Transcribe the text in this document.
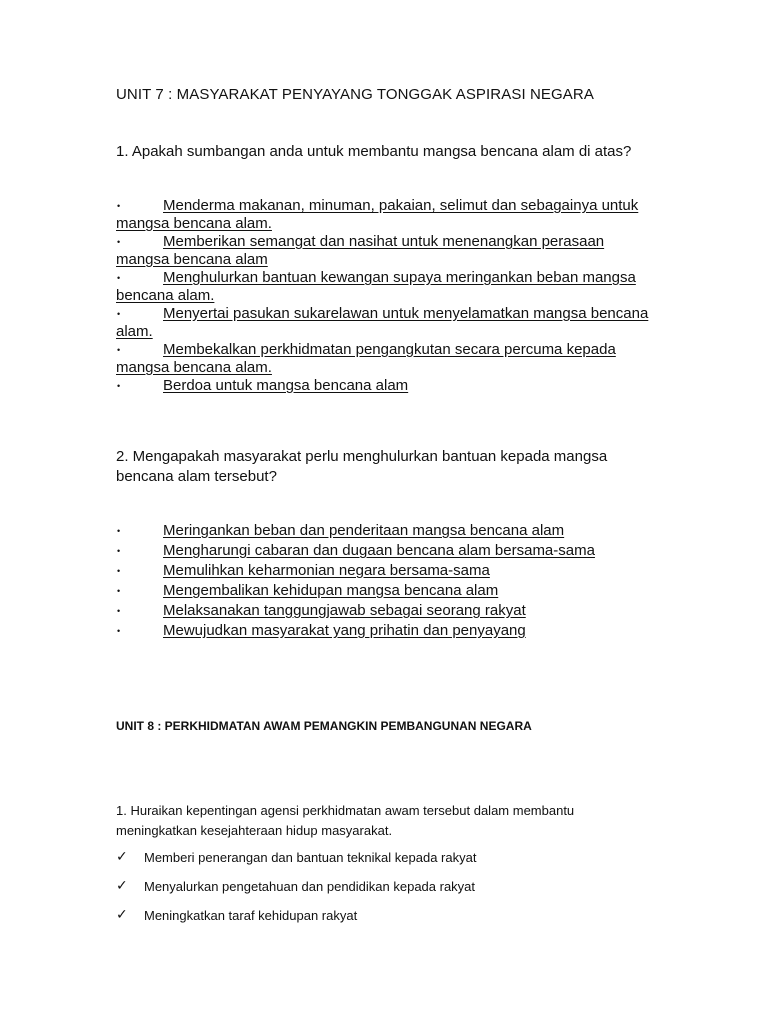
UNIT 7 : MASYARAKAT PENYAYANG TONGGAK ASPIRASI NEGARA
1. Apakah sumbangan anda untuk membantu mangsa bencana alam di atas?
•	Menderma makanan, minuman, pakaian, selimut dan sebagainya untuk mangsa bencana alam.
•	Memberikan semangat dan nasihat untuk menenangkan perasaan mangsa bencana alam
•	Menghulurkan bantuan kewangan supaya meringankan beban mangsa bencana alam.
•	Menyertai pasukan sukarelawan untuk menyelamatkan mangsa bencana alam.
•	Membekalkan perkhidmatan pengangkutan secara percuma kepada mangsa bencana alam.
•	Berdoa untuk mangsa bencana alam
2. Mengapakah masyarakat perlu menghulurkan bantuan kepada mangsa bencana alam tersebut?
•	Meringankan beban dan penderitaan mangsa bencana alam
•	Mengharungi cabaran dan dugaan bencana alam bersama-sama
•	Memulihkan keharmonian negara bersama-sama
•	Mengembalikan kehidupan mangsa bencana alam
•	Melaksanakan tanggungjawab sebagai seorang rakyat
•	Mewujudkan masyarakat yang prihatin dan penyayang
UNIT 8 : PERKHIDMATAN AWAM PEMANGKIN PEMBANGUNAN NEGARA
1. Huraikan kepentingan agensi perkhidmatan awam tersebut dalam membantu meningkatkan kesejahteraan hidup masyarakat.
✓ Memberi penerangan dan bantuan teknikal kepada rakyat
✓ Menyalurkan pengetahuan dan pendidikan kepada rakyat
✓ Meningkatkan taraf kehidupan rakyat
